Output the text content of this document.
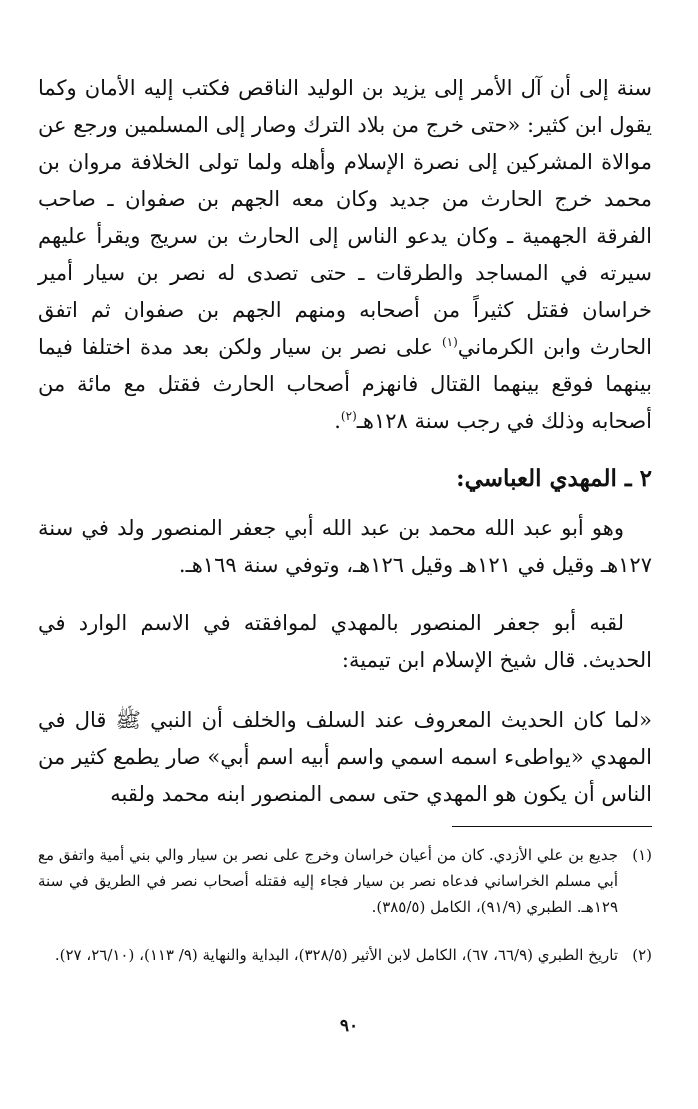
سنة إلى أن آل الأمر إلى يزيد بن الوليد الناقص فكتب إليه الأمان وكما يقول ابن كثير: «حتى خرج من بلاد الترك وصار إلى المسلمين ورجع عن موالاة المشركين إلى نصرة الإسلام وأهله ولما تولى الخلافة مروان بن محمد خرج الحارث من جديد وكان معه الجهم بن صفوان ـ صاحب الفرقة الجهمية ـ وكان يدعو الناس إلى الحارث بن سريج ويقرأ عليهم سيرته في المساجد والطرقات ـ حتى تصدى له نصر بن سيار أمير خراسان فقتل كثيراً من أصحابه ومنهم الجهم بن صفوان ثم اتفق الحارث وابن الكرماني$^{(١)}$ على نصر بن سيار ولكن بعد مدة اختلفا فيما بينهما فوقع بينهما القتال فانهزم أصحاب الحارث فقتل مع مائة من أصحابه وذلك في رجب سنة ١٢٨هـ$^{(٢)}$.
٢ ـ المهدي العباسي:
وهو أبو عبد الله محمد بن عبد الله أبي جعفر المنصور ولد في سنة ١٢٧هـ وقيل في ١٢١هـ وقيل ١٢٦هـ، وتوفي سنة ١٦٩هـ.
لقبه أبو جعفر المنصور بالمهدي لموافقته في الاسم الوارد في الحديث. قال شيخ الإسلام ابن تيمية:
«لما كان الحديث المعروف عند السلف والخلف أن النبي ﷺ قال في المهدي «يواطىء اسمه اسمي واسم أبيه اسم أبي» صار يطمع كثير من الناس أن يكون هو المهدي حتى سمى المنصور ابنه محمد ولقبه
(١)
جديع بن علي الأزدي. كان من أعيان خراسان وخرج على نصر بن سيار والي بني أمية واتفق مع أبي مسلم الخراساني فدعاه نصر بن سيار فجاء إليه فقتله أصحاب نصر في الطريق في سنة ١٢٩هـ. الطبري (٩١/٩)، الكامل (٣٨٥/٥).
(٢)
تاريخ الطبري (٦٦/٩، ٦٧)، الكامل لابن الأثير (٣٢٨/٥)، البداية والنهاية (٩/ ١١٣)، (٢٦/١٠، ٢٧).
٩٠
